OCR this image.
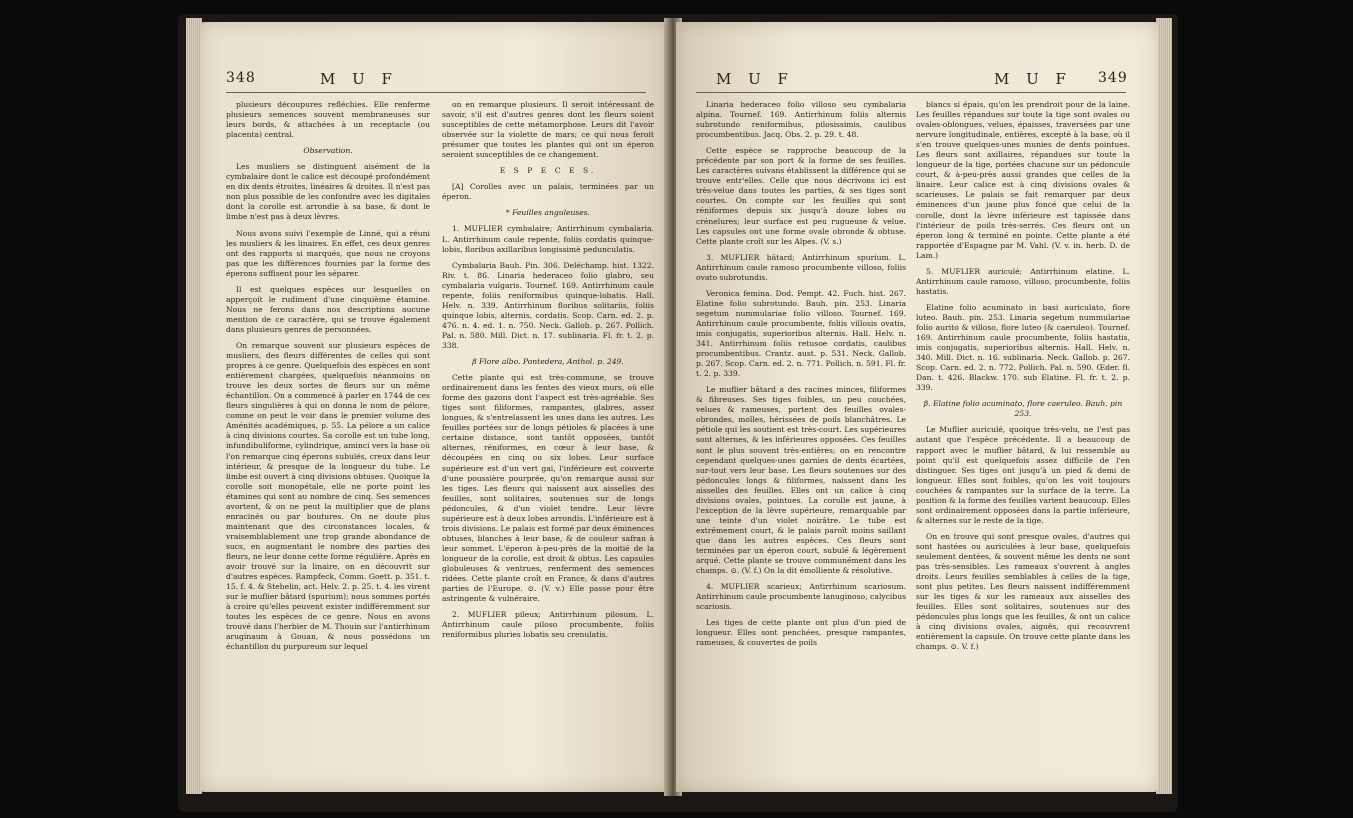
348	M U F

plusieurs découpures refléchies. Elle renferme plusieurs semences souvent membraneuses sur leurs bords, & attachées à un receptacle (ou placenta) central.

Observation.

Les musliers se distinguent aisément de la cymbalaire dont le calice est découpé profondément en dix dents étroites, linéaires & droites. Il n'est pas non plus possible de les confondre avec les digitales dont la corolle est arrondie à sa base, & dont le limbe n'est pas à deux lèvres.

Nous avons suivi l'exemple de Linné, qui a réuni les musliers & les linaires. En effet, ces deux genres ont des rapports si marqués, que nous ne croyons pas que les différences fournies par la forme des éperons suffisent pour les séparer.

Il est quelques espèces sur lesquelles on apperçoit le rudiment d'une cinquième étamine. Nous ne ferons dans nos descriptions aucune mention de ce caractère, qui se trouve également dans plusieurs genres de personnées.

On remarque souvent sur plusieurs espèces de musliers, des fleurs différentes de celles qui sont propres à ce genre. Quelquefois des espèces en sont entièrement chargées, quelquefois néanmoins on trouve les deux sortes de fleurs sur un même échantillon. On a commencé à parler en 1744 de ces fleurs singulières à qui on donna le nom de pélore, comme on peut le voir dans le premier volume des Aménités académiques, p. 55. La pélore a un calice à cinq divisions courtes. Sa corolle est un tube long, infundibuliforme, cylindrique, aminci vers la base où l'on remarque cinq éperons subulés, creux dans leur intérieur, & presque de la longueur du tube. Le limbe est ouvert à cinq divisions obtuses. Quoique la corolle soit monopétale, elle ne porte point les étamines qui sont au nombre de cinq. Ses semences avortent, & on ne peut la multiplier que de plans enracinés ou par boutures. On ne doute plus maintenant que des circonstances locales, & vraisemblablement une trop grande abondance de sucs, en augmentant le nombre des parties des fleurs, ne leur donne cette forme régulière. Après en avoir trouvé sur la linaire, on en découvrit sur d'autres espèces. Rampfeck, Comm. Goett. p. 351. t. 15. f. 4. & Stehelin, act. Helv. 2. p. 25. t. 4. les virent sur le muflier bâtard (spurium); nous sommes portés à croire qu'elles peuvent exister indifféremment sur toutes les espèces de ce genre. Nous en avons trouvé dans l'herbier de M. Thouin sur l'antirrhinum aruginaum à Gouan, & nous possédons un échantillon du purpureum sur lequel

on en remarque plusieurs. Il seroit intéressant de savoir, s'il est d'autres genres dont les fleurs soient susceptibles de cette métamorphose. Leurs dit l'avoir observée sur la violette de mars; ce qui nous feroit présumer que toutes les plantes qui ont un éperon seroient susceptibles de ce changement.

E S P E C E S.

[A] Corolles avec un palais, terminées par un éperon.

* Feuilles anguleuses.

1. MUFLIER cymbalaire; Antirrhinum cymbalaria. L. Antirrhinum caule repente, foliis cordatis quinque-lobis, floribus axillaribus longissimè pedunculatis.

Cymbalaria Bauh. Pin. 306. Deléchamp. hist. 1322. Riv. t. 86. Linaria hederaceo folio glabro, seu cymbalaria vulgaris. Tournef. 169. Antirrhinum caule repente, foliis reniformibus quinque-lobatis. Hall. Helv. n. 339. Antirrhinum floribus solitariis, foliis quinque lobis, alternis, cordatis. Scop. Carn. ed. 2. p. 476. n. 4. ed. 1. n. 750. Neck. Gallob. p. 267. Pollich. Pal. n. 580. Mill. Dict. n. 17. sublinaria. Fl. fr. t. 2. p. 338.

β Flore albo. Pontedera, Anthol. p. 249.

Cette plante qui est très-commune, se trouve ordinairement dans les fentes des vieux murs, où elle forme des gazons dont l'aspect est très-agréable. Ses tiges sont filiformes, rampantes, glabres, assez longues, & s'entrelassent les unes dans les autres. Les feuilles portées sur de longs pétioles & placées à une certaine distance, sont tantôt opposées, tantôt alternes, réniformes, en cœur à leur base, & découpées en cinq ou six lobes. Leur surface supérieure est d'un vert gai, l'inférieure est couverte d'une poussière pourprée, qu'on remarque aussi sur les tiges. Les fleurs qui naissent aux aisselles des feuilles, sont solitaires, soutenues sur de longs pédoncules, & d'un violet tendre. Leur lèvre supérieure est à deux lobes arrondis. L'inférieure est à trois divisions. Le palais est formé par deux éminences obtuses, blanches à leur base, & de couleur safran à leur sommet. L'éperon à-peu-près de la moitié de la longueur de la corolle, est droit & obtus. Les capsules globuleuses & ventrues, renferment des semences ridées. Cette plante croît en France, & dans d'autres parties de l'Europe. ⊙. (V. v.) Elle passe pour être astringente & vulnéraire.

2. MUFLIER pileux; Antirrhinum pilosum. L. Antirrhinum caule piloso procumbente, foliis reniformibus pluries lobatis seu crenulatis.

M U F	M U F 349

Linaria hederaceo folio villoso seu cymbalaria alpina. Tournef. 169. Antirrhinum foliis alternis subrotundo reniformibus, pilosissimis, caulibus procumbentibus. Jacq. Obs. 2. p. 29. t. 48.

Cette espèce se rapproche beaucoup de la précédente par son port & la forme de ses feuilles. Les caractères suivans établissent la différence qui se trouve entr'elles. Celle que nous décrivons ici est très-velue dans toutes les parties, & ses tiges sont courtes. On compte sur les feuilles qui sont réniformes depuis six jusqu'à douze lobes ou crénelures; leur surface est peu rugueuse & velue. Les capsules ont une forme ovale obronde & obtuse. Cette plante croît sur les Alpes. (V. s.)

3. MUFLIER bâtard; Antirrhinum spurium. L. Antirrhinum caule ramoso procumbente villoso, foliis ovato subrotundis.

Veronica femina. Dod. Pempt. 42. Fuch. hist. 267. Elatine folio subrotundo. Bauh. pin. 253. Linaria segetum nummulariae folio villoso. Tournef. 169. Antirrhinum caule procumbente, foliis villosis ovatis, imis conjugatis, superioribus alternis. Hall. Helv. n. 341. Antirrhinum foliis retusoe cordatis, caulibus procumbentibus. Crantz. aust. p. 531. Neck. Gallob. p. 267. Scop. Carn. ed. 2. n. 771. Pollich. n. 591. Fl. fr. t. 2. p. 339.

Le muflier bâtard a des racines minces, filiformes & fibreuses. Ses tiges foibles, un peu couchées, velues & rameuses, portent des feuilles ovales-obrondes, molles, hérissées de poils blanchâtres. Le pétiole qui les soutient est très-court. Les supérieures sont alternes, & les inférieures opposées. Ces feuilles sont le plus souvent très-entières; on en rencontre cependant quelques-unes garnies de dents écartées, sur-tout vers leur base. Les fleurs soutenues sur des pédoncules longs & filiformes, naissent dans les aisselles des feuilles. Elles ont un calice à cinq divisions ovales, pointues. La corolle est jaune, à l'exception de la lèvre supérieure, remarquable par une teinte d'un violet noirâtre. Le tube est extrêmement court, & le palais paroît moins saillant que dans les autres espèces. Ces fleurs sont terminées par un éperon court, subulé & légèrement arqué. Cette plante se trouve communément dans les champs. ⊙. (V. f.) On la dit émolliente & résolutive.

4. MUFLIER scarieux; Antirrhinum scariosum. Antirrhinum caule procumbente lanuginoso, calycibus scariosis.

Les tiges de cette plante ont plus d'un pied de longueur. Elles sont penchées, presque rampantes, rameuses, & couvertes de poils

blancs si épais, qu'on les prendroit pour de la laine. Les feuilles répandues sur toute la tige sont ovales ou ovales-oblongues, velues, épaisses, traversées par une nervure longitudinale, entières, excepté à la base, où il s'en trouve quelques-unes munies de dents pointues. Les fleurs sont axillaires, répandues sur toute la longueur de la tige, portées chacune sur un pédoncule court, & à-peu-près aussi grandes que celles de la linaire. Leur calice est à cinq divisions ovales & scarieuses. Le palais se fait remarquer par deux éminences d'un jaune plus foncé que celui de la corolle, dont la lèvre inférieure est tapissée dans l'intérieur de poils très-serrés. Ces fleurs ont un éperon long & terminé en pointe. Cette plante a été rapportée d'Espagne par M. Vahl. (V. v. in. herb. D. de Lam.)

5. MUFLIER auriculé; Antirrhinum elatine. L. Antirrhinum caule ramoso, villoso, procumbente, foliis hastatis.

Elatine folio acuminato in basi auriculato, flore luteo. Bauh. pin. 253. Linaria segetum nummulariae folio aurito & villoso, flore luteo (& caeruleo). Tournef. 169. Antirrhinum caule procumbente, foliis hastatis, imis conjugatis, superioribus alternis. Hall. Helv. n. 340. Mill. Dict. n. 16. sublinaria. Neck. Gallob. p. 267. Scop. Carn. ed. 2. n. 772. Pollich. Pal. n. 590. Œder. fl. Dan. t. 426. Blackw. 170. sub Elatine. Fl. fr. t. 2. p. 339.

β. Elatine folio acuminato, flore caeruleo. Bauh. pin 253.

Le Muflier auriculé, quoique très-velu, ne l'est pas autant que l'espèce précédente. Il a beaucoup de rapport avec le muflier bâtard, & lui ressemble au point qu'il est quelquefois assez difficile de l'en distinguer. Ses tiges ont jusqu'à un pied & demi de longueur. Elles sont foibles, qu'on les voit toujours couchées & rampantes sur la surface de la terre. La position & la forme des feuilles varient beaucoup. Elles sont ordinairement opposées dans la partie inférieure, & alternes sur le reste de la tige.

On en trouve qui sont presque ovales, d'autres qui sont hastées ou auriculées à leur base, quelquefois seulement dentées, & souvent même les dents ne sont pas très-sensibles. Les rameaux s'ouvrent à angles droits. Leurs feuilles semblables à celles de la tige, sont plus petites. Les fleurs naissent indifféremment sur les tiges & sur les rameaux aux aisselles des feuilles. Elles sont solitaires, soutenues sur des pédoncules plus longs que les feuilles, & ont un calice à cinq divisions ovales, aiguës, qui recouvrent entièrement la capsule. On trouve cette plante dans les champs. ⊙. V. f.)
